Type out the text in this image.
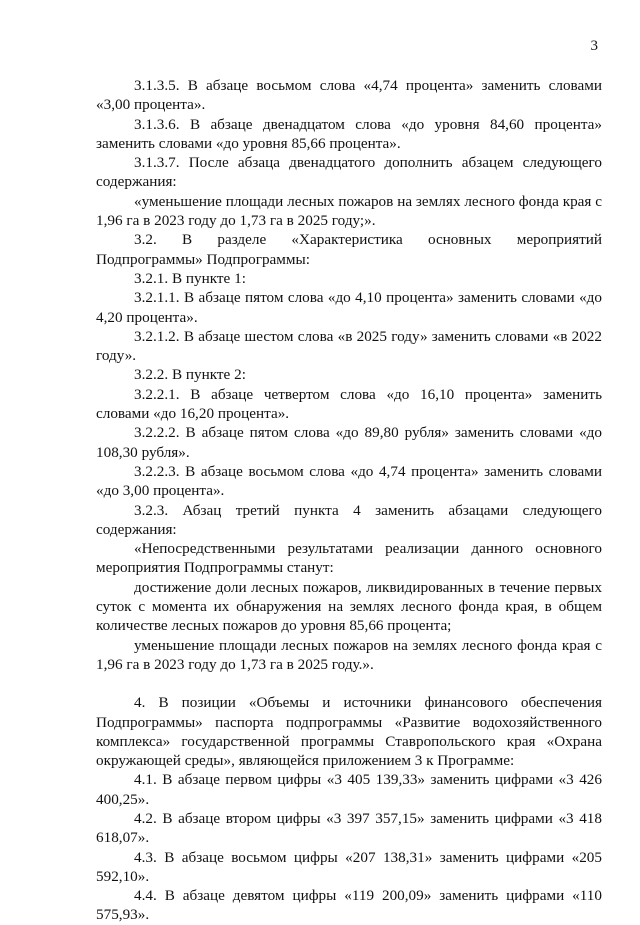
3

3.1.3.5. В абзаце восьмом слова «4,74 процента» заменить словами «3,00 процента».

3.1.3.6. В абзаце двенадцатом слова «до уровня 84,60 процента» заменить словами «до уровня 85,66 процента».

3.1.3.7. После абзаца двенадцатого дополнить абзацем следующего содержания:

«уменьшение площади лесных пожаров на землях лесного фонда края с 1,96 га в 2023 году до 1,73 га в 2025 году;».

3.2. В разделе «Характеристика основных мероприятий Подпрограммы» Подпрограммы:

3.2.1. В пункте 1:

3.2.1.1. В абзаце пятом слова «до 4,10 процента» заменить словами «до 4,20 процента».

3.2.1.2. В абзаце шестом слова «в 2025 году» заменить словами «в 2022 году».

3.2.2. В пункте 2:

3.2.2.1. В абзаце четвертом слова «до 16,10 процента» заменить словами «до 16,20 процента».

3.2.2.2. В абзаце пятом слова «до 89,80 рубля» заменить словами «до 108,30 рубля».

3.2.2.3. В абзаце восьмом слова «до 4,74 процента» заменить словами «до 3,00 процента».

3.2.3. Абзац третий пункта 4 заменить абзацами следующего содержания:

«Непосредственными результатами реализации данного основного мероприятия Подпрограммы станут:

достижение доли лесных пожаров, ликвидированных в течение первых суток с момента их обнаружения на землях лесного фонда края, в общем количестве лесных пожаров до уровня 85,66 процента;

уменьшение площади лесных пожаров на землях лесного фонда края с 1,96 га в 2023 году до 1,73 га в 2025 году.».

4. В позиции «Объемы и источники финансового обеспечения Подпрограммы» паспорта подпрограммы «Развитие водохозяйственного комплекса» государственной программы Ставропольского края «Охрана окружающей среды», являющейся приложением 3 к Программе:

4.1. В абзаце первом цифры «3 405 139,33» заменить цифрами «3 426 400,25».

4.2. В абзаце втором цифры «3 397 357,15» заменить цифрами «3 418 618,07».

4.3. В абзаце восьмом цифры «207 138,31» заменить цифрами «205 592,10».

4.4. В абзаце девятом цифры «119 200,09» заменить цифрами «110 575,93».
